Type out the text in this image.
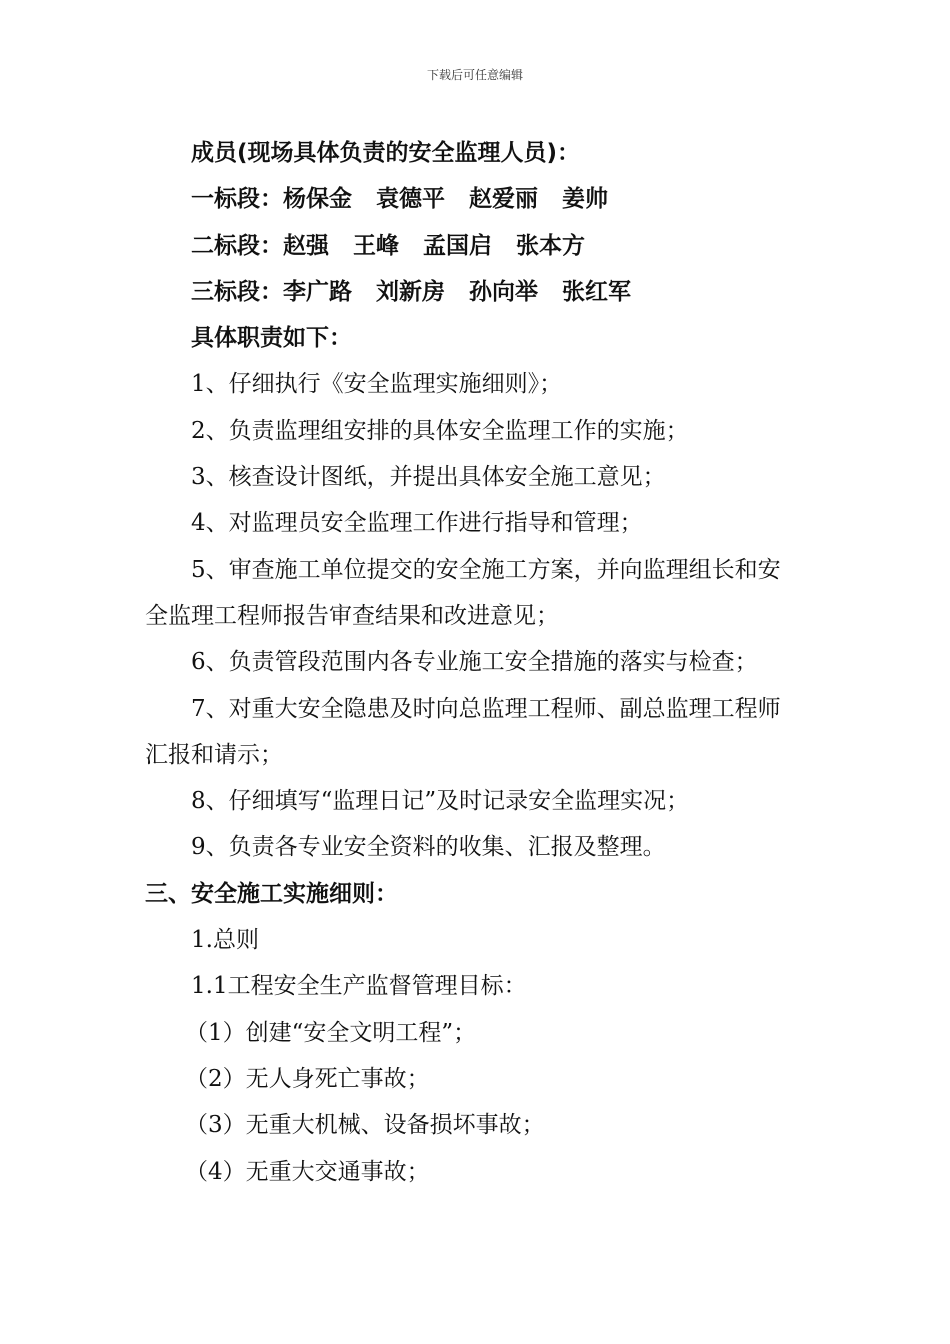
下载后可任意编辑
成员(现场具体负责的安全监理人员)：
一标段：杨保金 袁德平 赵爱丽 姜帅
二标段：赵强 王峰 孟国启 张本方
三标段：李广路 刘新房 孙向举 张红军
具体职责如下：
1、仔细执行《安全监理实施细则》；
2、负责监理组安排的具体安全监理工作的实施；
3、核查设计图纸，并提出具体安全施工意见；
4、对监理员安全监理工作进行指导和管理；
5、审查施工单位提交的安全施工方案，并向监理组长和安
全监理工程师报告审查结果和改进意见；
6、负责管段范围内各专业施工安全措施的落实与检查；
7、对重大安全隐患及时向总监理工程师、副总监理工程师
汇报和请示；
8、仔细填写“监理日记”及时记录安全监理实况；
9、负责各专业安全资料的收集、汇报及整理。
三、安全施工实施细则：
1.总则
1.1工程安全生产监督管理目标：
（1）创建“安全文明工程”；
（2）无人身死亡事故；
（3）无重大机械、设备损坏事故；
（4）无重大交通事故；
